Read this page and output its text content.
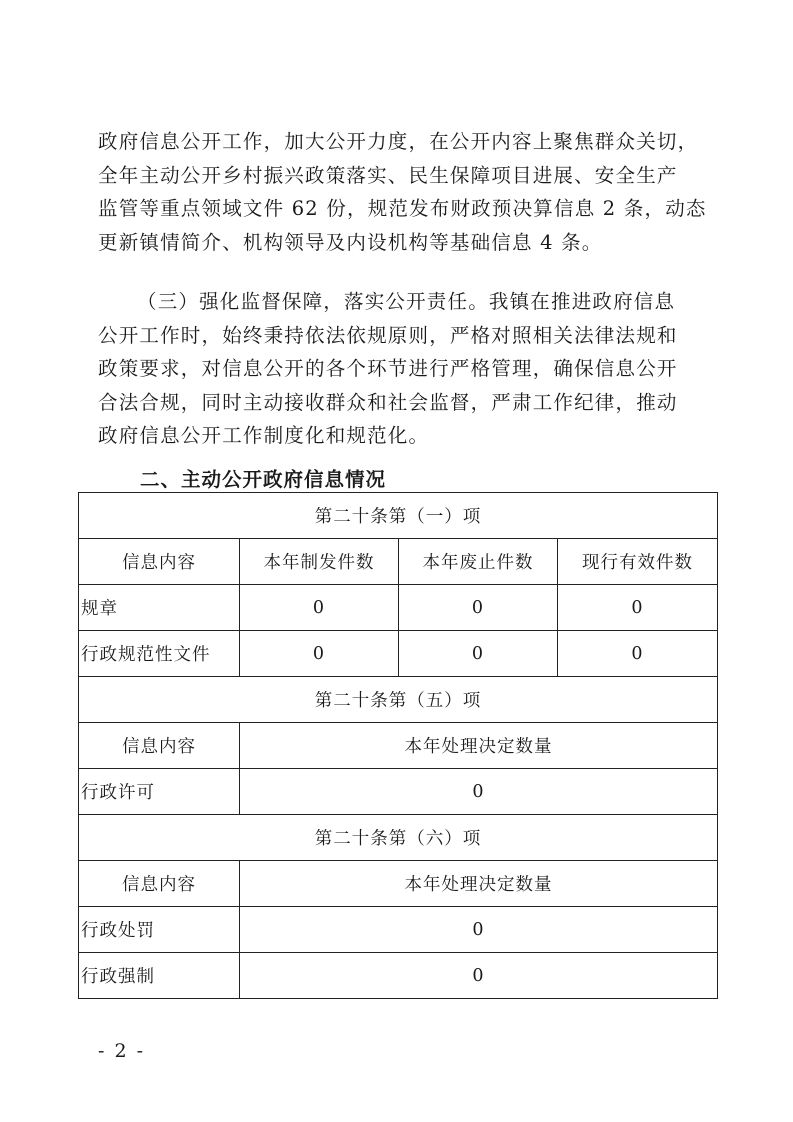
政府信息公开工作，加大公开力度，在公开内容上聚焦群众关切，
全年主动公开乡村振兴政策落实、民生保障项目进展、安全生产
监管等重点领域文件 62 份，规范发布财政预决算信息 2 条，动态
更新镇情简介、机构领导及内设机构等基础信息 4 条。
（三）强化监督保障，落实公开责任。我镇在推进政府信息
公开工作时，始终秉持依法依规原则，严格对照相关法律法规和
政策要求，对信息公开的各个环节进行严格管理，确保信息公开
合法合规，同时主动接收群众和社会监督，严肃工作纪律，推动
政府信息公开工作制度化和规范化。
二、主动公开政府信息情况
第二十条第（一）项			
信息内容	本年制发件数	本年废止件数	现行有效件数
规章	0	0	0
行政规范性文件	0	0	0
第二十条第（五）项			
信息内容	本年处理决定数量		
行政许可	0		
第二十条第（六）项			
信息内容	本年处理决定数量		
行政处罚	0		
行政强制	0		
- 2 -
